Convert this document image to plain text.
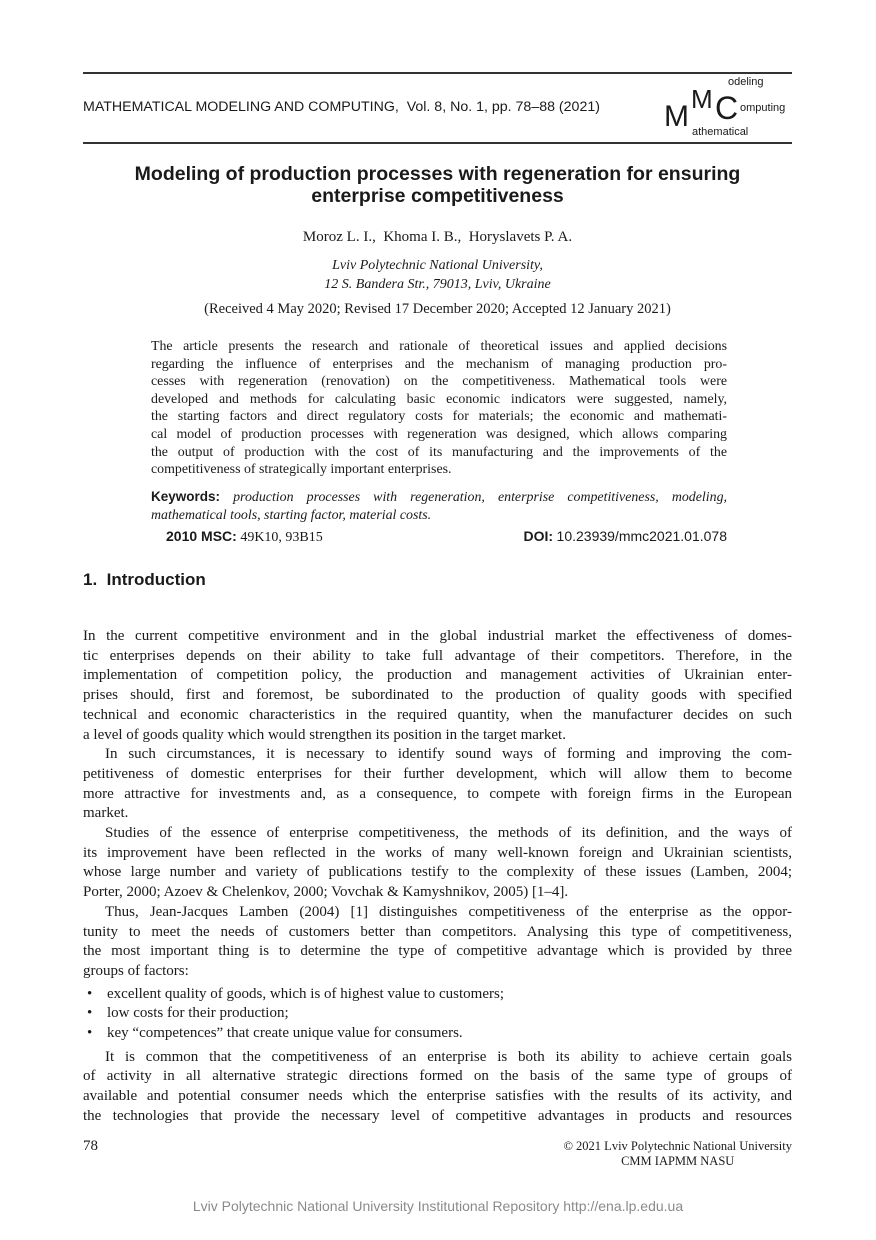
MATHEMATICAL MODELING AND COMPUTING,  Vol. 8, No. 1, pp. 78–88 (2021) M
M C
odeling
omputing
athematical
Modeling of production processes with regeneration for ensuring
enterprise competitiveness
Moroz L. I.,  Khoma I. B.,  Horyslavets P. A.
Lviv Polytechnic National University,
12 S. Bandera Str., 79013, Lviv, Ukraine
(Received 4 May 2020; Revised 17 December 2020; Accepted 12 January 2021)
The article presents the research and rationale of theoretical issues and applied decisions
regarding the influence of enterprises and the mechanism of managing production pro-
cesses with regeneration (renovation) on the competitiveness. Mathematical tools were
developed and methods for calculating basic economic indicators were suggested, namely,
the starting factors and direct regulatory costs for materials; the economic and mathemati-
cal model of production processes with regeneration was designed, which allows comparing
the output of production with the cost of its manufacturing and the improvements of the
competitiveness of strategically important enterprises.
Keywords: production processes with regeneration, enterprise competitiveness, modeling,
mathematical tools, starting factor, material costs.
2010 MSC: 49K10, 93B15	DOI: 10.23939/mmc2021.01.078
1.  Introduction
In the current competitive environment and in the global industrial market the effectiveness of domes-
tic enterprises depends on their ability to take full advantage of their competitors. Therefore, in the
implementation of competition policy, the production and management activities of Ukrainian enter-
prises should, first and foremost, be subordinated to the production of quality goods with specified
technical and economic characteristics in the required quantity, when the manufacturer decides on such
a level of goods quality which would strengthen its position in the target market.
In such circumstances, it is necessary to identify sound ways of forming and improving the com-
petitiveness of domestic enterprises for their further development, which will allow them to become
more attractive for investments and, as a consequence, to compete with foreign firms in the European
market.
Studies of the essence of enterprise competitiveness, the methods of its definition, and the ways of
its improvement have been reflected in the works of many well-known foreign and Ukrainian scientists,
whose large number and variety of publications testify to the complexity of these issues (Lamben, 2004;
Porter, 2000; Azoev & Chelenkov, 2000; Vovchak & Kamyshnikov, 2005) [1–4].
Thus, Jean-Jacques Lamben (2004) [1] distinguishes competitiveness of the enterprise as the oppor-
tunity to meet the needs of customers better than competitors. Analysing this type of competitiveness,
the most important thing is to determine the type of competitive advantage which is provided by three
groups of factors:
• excellent quality of goods, which is of highest value to customers;
• low costs for their production;
• key “competences” that create unique value for consumers.
It is common that the competitiveness of an enterprise is both its ability to achieve certain goals
of activity in all alternative strategic directions formed on the basis of the same type of groups of
available and potential consumer needs which the enterprise satisfies with the results of its activity, and
the technologies that provide the necessary level of competitive advantages in products and resources
78	© 2021 Lviv Polytechnic National University
CMM IAPMM NASU
Lviv Polytechnic National University Institutional Repository http://ena.lp.edu.ua
